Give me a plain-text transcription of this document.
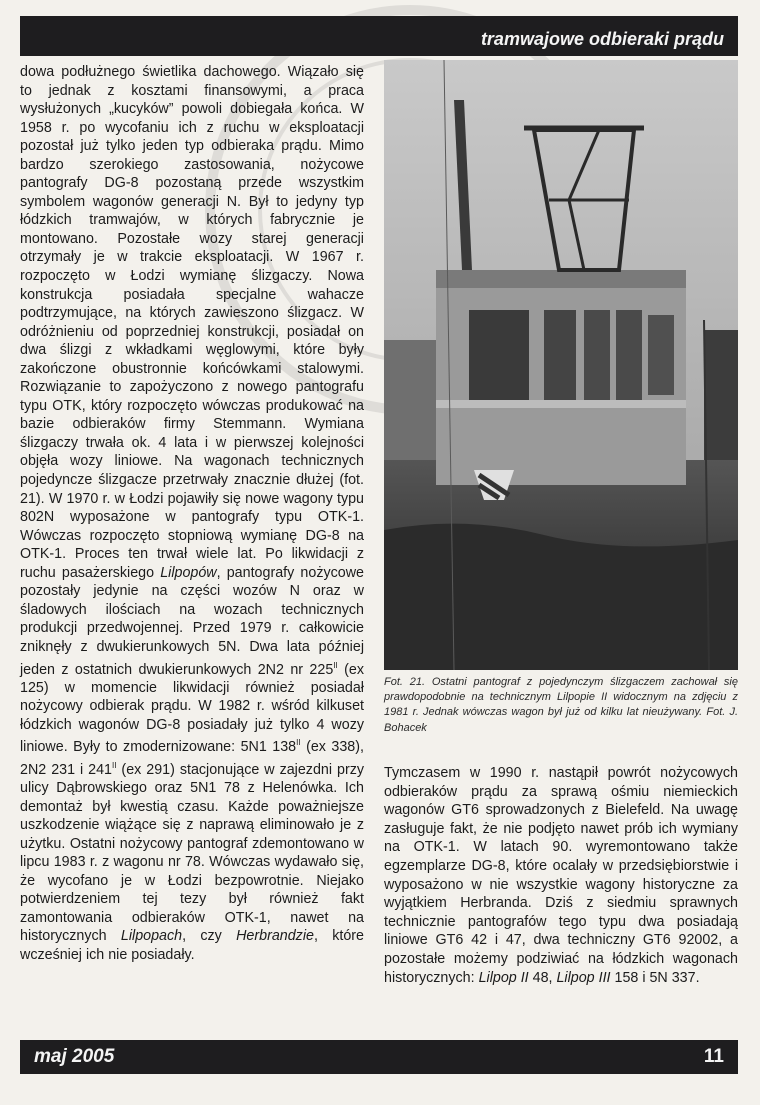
tramwajowe odbieraki prądu

dowa podłużnego świetlika dachowego. Wiązało się to jednak z kosztami finansowymi, a praca wysłużonych „kucyków” powoli dobiegała końca. W 1958 r. po wycofaniu ich z ruchu w eksploatacji pozostał już tylko jeden typ odbieraka prądu. Mimo bardzo szerokiego zastosowania, nożycowe pantografy DG-8 pozostaną przede wszystkim symbolem wagonów generacji N. Był to jedyny typ łódzkich tramwajów, w których fabrycznie je montowano. Pozostałe wozy starej generacji otrzymały je w trakcie eksploatacji. W 1967 r. rozpoczęto w Łodzi wymianę ślizgaczy. Nowa konstrukcja posiadała specjalne wahacze podtrzymujące, na których zawieszono ślizgacz. W odróżnieniu od poprzedniej konstrukcji, posiadał on dwa ślizgi z wkładkami węglowymi, które były zakończone obustronnie końcówkami stalowymi. Rozwiązanie to zapożyczono z nowego pantografu typu OTK, który rozpoczęto wówczas produkować na bazie odbieraków firmy Stemmann. Wymiana ślizgaczy trwała ok. 4 lata i w pierwszej kolejności objęła wozy liniowe. Na wagonach technicznych pojedyncze ślizgacze przetrwały znacznie dłużej (fot. 21). W 1970 r. w Łodzi pojawiły się nowe wagony typu 802N wyposażone w pantografy typu OTK-1. Wówczas rozpoczęto stopniową wymianę DG-8 na OTK-1. Proces ten trwał wiele lat. Po likwidacji z ruchu pasażerskiego Lilpopów, pantografy nożycowe pozostały jedynie na części wozów N oraz w śladowych ilościach na wozach technicznych produkcji przedwojennej. Przed 1979 r. całkowicie zniknęły z dwukierunkowych 5N. Dwa lata później jeden z ostatnich dwukierunkowych 2N2 nr $225^{II}$ (ex 125) w momencie likwidacji również posiadał nożycowy odbierak prądu. W 1982 r. wśród kilkuset łódzkich wagonów DG-8 posiadały już tylko 4 wozy liniowe. Były to zmodernizowane: 5N1 $138^{II}$ (ex 338), 2N2 231 i $241^{II}$ (ex 291) stacjonujące w zajezdni przy ulicy Dąbrowskiego oraz 5N1 78 z Helenówka. Ich demontaż był kwestią czasu. Każde poważniejsze uszkodzenie wiążące się z naprawą eliminowało je z użytku. Ostatni nożycowy pantograf zdemontowano w lipcu 1983 r. z wagonu nr 78. Wówczas wydawało się, że wycofano je w Łodzi bezpowrotnie. Niejako potwierdzeniem tej tezy był również fakt zamontowania odbieraków OTK-1, nawet na historycznych Lilpopach, czy Herbrandzie, które wcześniej ich nie posiadały.

Fot. 21. Ostatni pantograf z pojedynczym ślizgaczem zachował się prawdopodobnie na technicznym Lilpopie II widocznym na zdjęciu z 1981 r. Jednak wówczas wagon był już od kilku lat nieużywany. Fot. J. Bohacek

Tymczasem w 1990 r. nastąpił powrót nożycowych odbieraków prądu za sprawą ośmiu niemieckich wagonów GT6 sprowadzonych z Bielefeld. Na uwagę zasługuje fakt, że nie podjęto nawet prób ich wymiany na OTK-1. W latach 90. wyremontowano także egzemplarze DG-8, które ocalały w przedsiębiorstwie i wyposażono w nie wszystkie wagony historyczne za wyjątkiem Herbranda. Dziś z siedmiu sprawnych technicznie pantografów tego typu dwa posiadają liniowe GT6 42 i 47, dwa techniczny GT6 92002, a pozostałe możemy podziwiać na łódzkich wagonach historycznych: Lilpop II 48, Lilpop III 158 i 5N 337.

maj 2005	11
